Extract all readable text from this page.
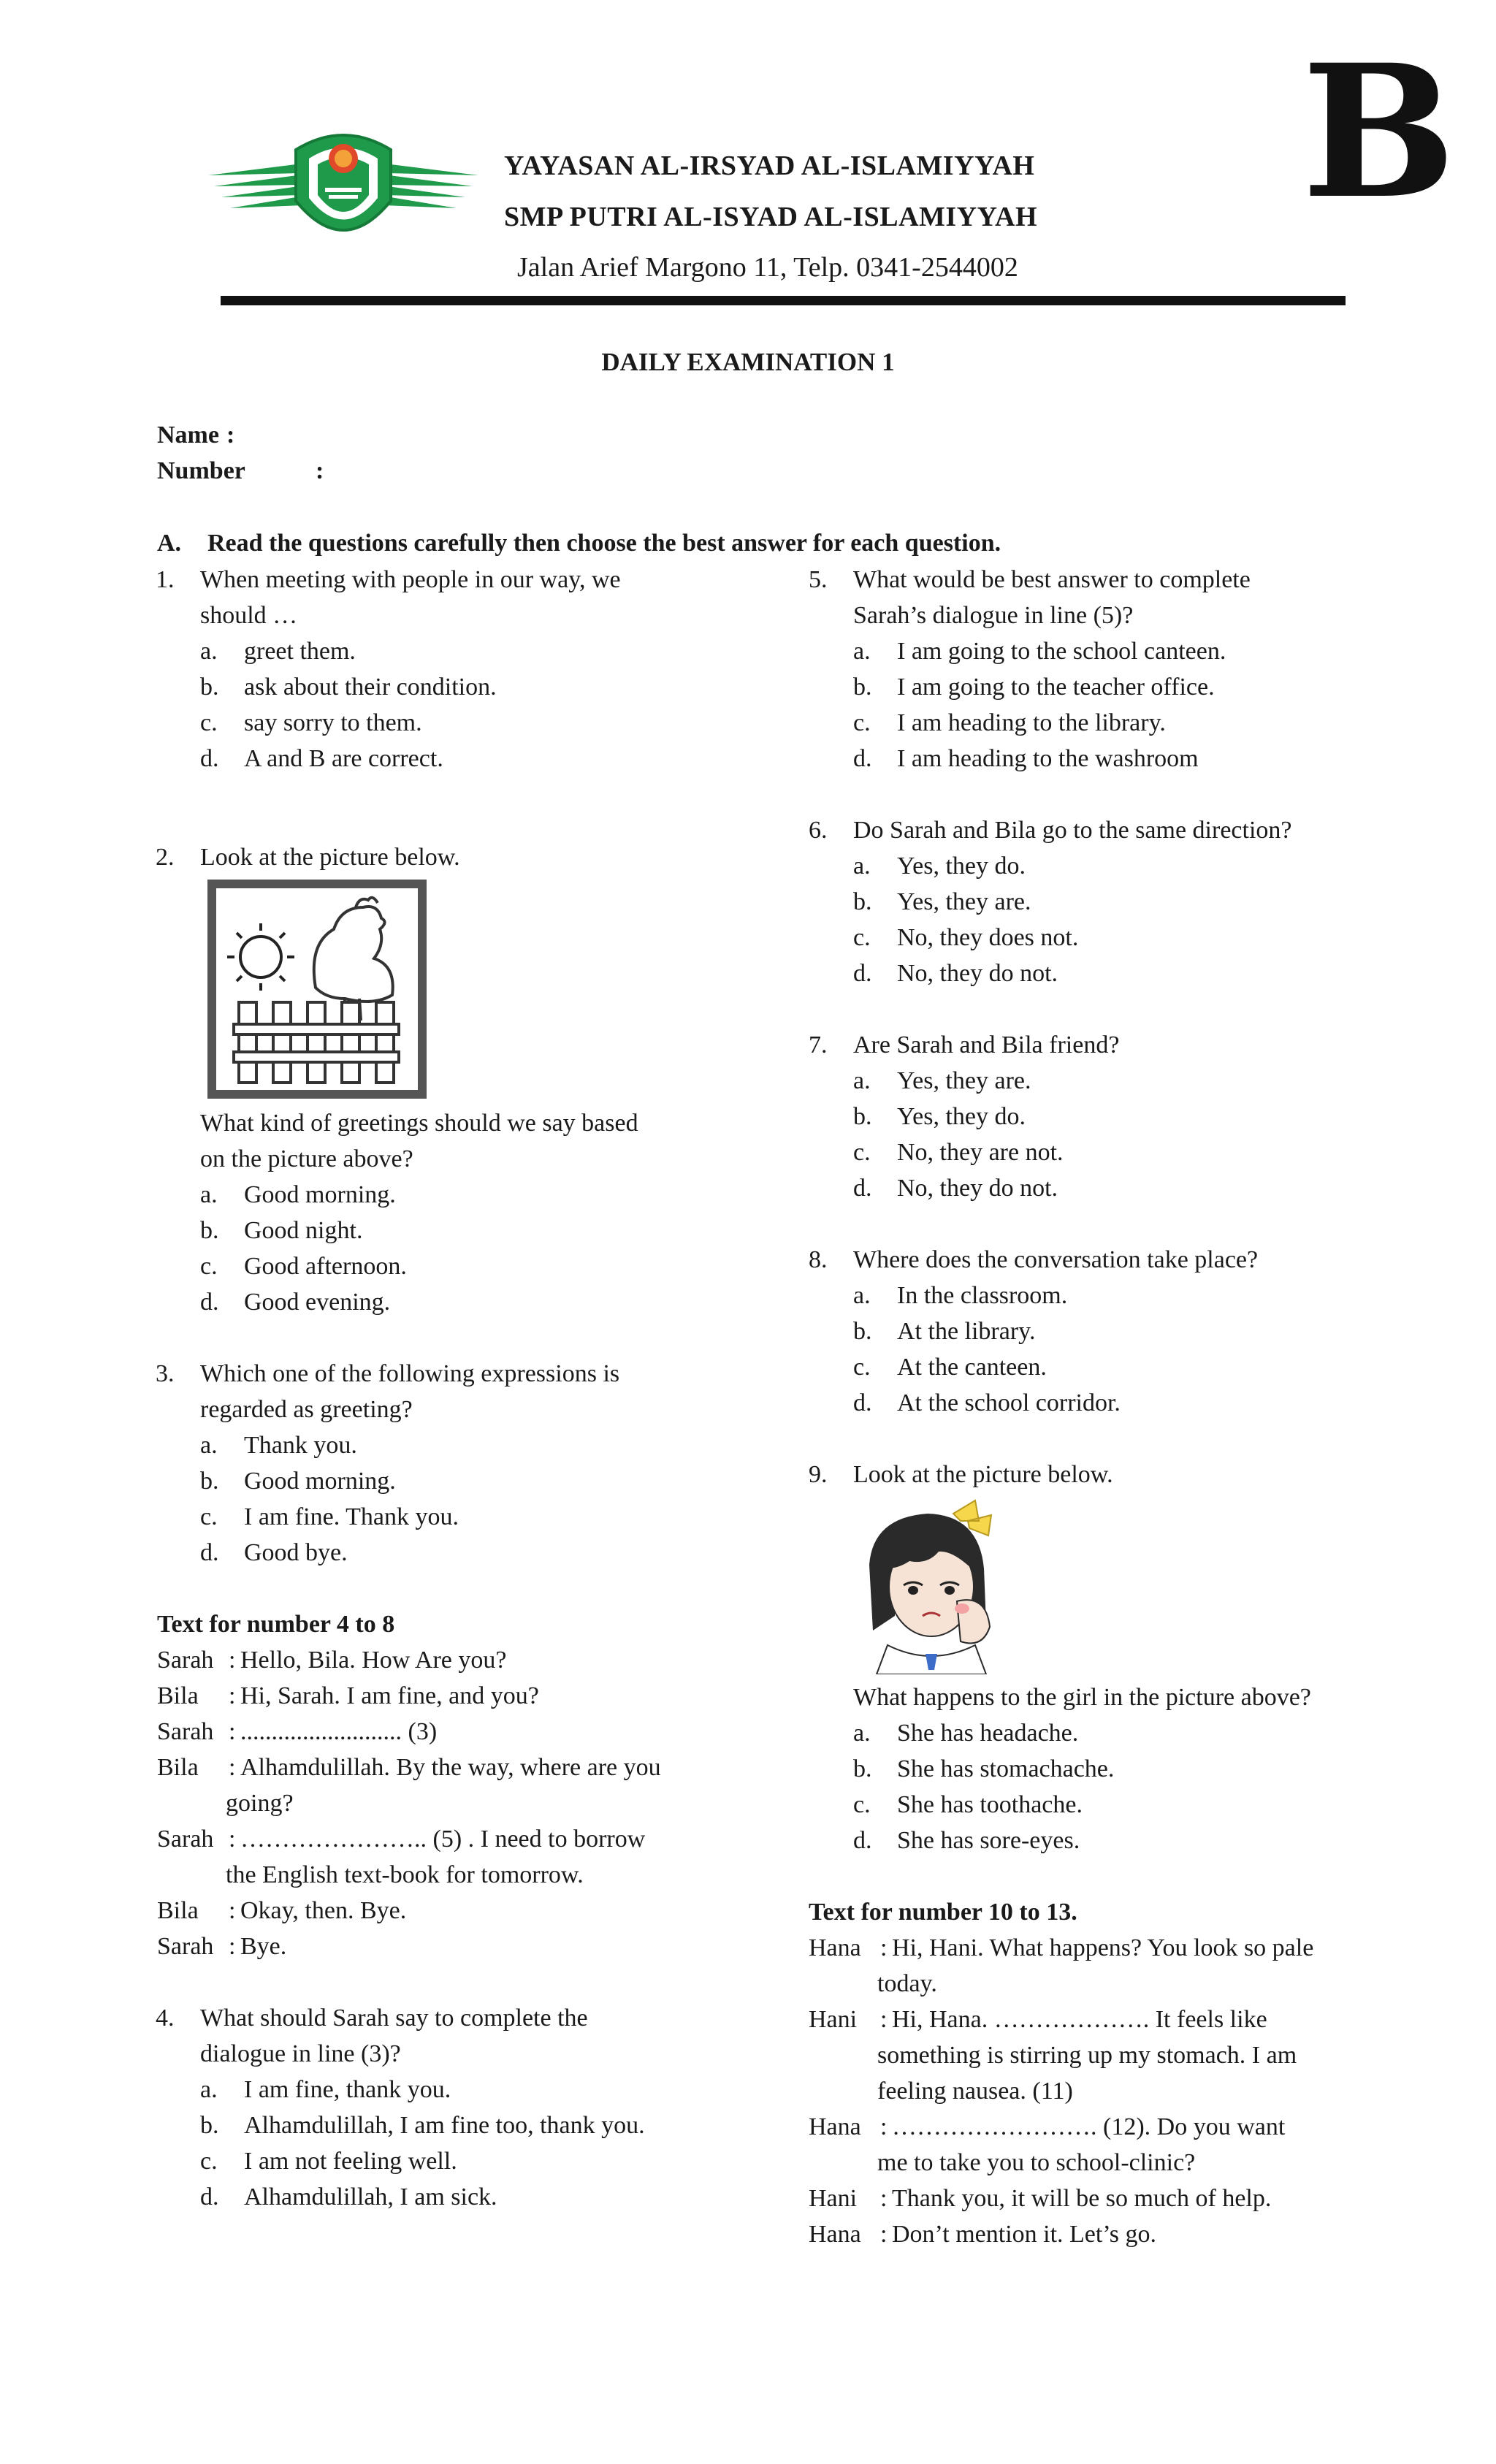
YAYASAN AL-IRSYAD AL-ISLAMIYYAH
SMP PUTRI AL-ISYAD AL-ISLAMIYYAH
Jalan Arief Margono 11, Telp. 0341-2544002
B
DAILY EXAMINATION 1
Name :
Number	:
A. Read the questions carefully then choose the best answer for each question.
1. When meeting with people in our way, we
should …
a. greet them.
b. ask about their condition.
c. say sorry to them.
d. A and B are correct.
2. Look at the picture below.
What kind of greetings should we say based
on the picture above?
a. Good morning.
b. Good night.
c. Good afternoon.
d. Good evening.
3. Which one of the following expressions is
regarded as greeting?
a. Thank you.
b. Good morning.
c. I am fine. Thank you.
d. Good bye.
Text for number 4 to 8
Sarah : Hello, Bila. How Are you?
Bila : Hi, Sarah. I am fine, and you?
Sarah : .......................... (3)
Bila : Alhamdulillah. By the way, where are you
going?
Sarah : ………………….. (5) . I need to borrow
the English text-book for tomorrow.
Bila : Okay, then. Bye.
Sarah : Bye.
4. What should Sarah say to complete the
dialogue in line (3)?
a. I am fine, thank you.
b. Alhamdulillah, I am fine too, thank you.
c. I am not feeling well.
d. Alhamdulillah, I am sick.
5. What would be best answer to complete
Sarah’s dialogue in line (5)?
a. I am going to the school canteen.
b. I am going to the teacher office.
c. I am heading to the library.
d. I am heading to the washroom
6. Do Sarah and Bila go to the same direction?
a. Yes, they do.
b. Yes, they are.
c. No, they does not.
d. No, they do not.
7. Are Sarah and Bila friend?
a. Yes, they are.
b. Yes, they do.
c. No, they are not.
d. No, they do not.
8. Where does the conversation take place?
a. In the classroom.
b. At the library.
c. At the canteen.
d. At the school corridor.
9. Look at the picture below.
What happens to the girl in the picture above?
a. She has headache.
b. She has stomachache.
c. She has toothache.
d. She has sore-eyes.
Text for number 10 to 13.
Hana : Hi, Hani. What happens? You look so pale
today.
Hani : Hi, Hana. ………………. It feels like
something is stirring up my stomach. I am
feeling nausea. (11)
Hana : ……………………. (12). Do you want
me to take you to school-clinic?
Hani : Thank you, it will be so much of help.
Hana : Don’t mention it. Let’s go.
